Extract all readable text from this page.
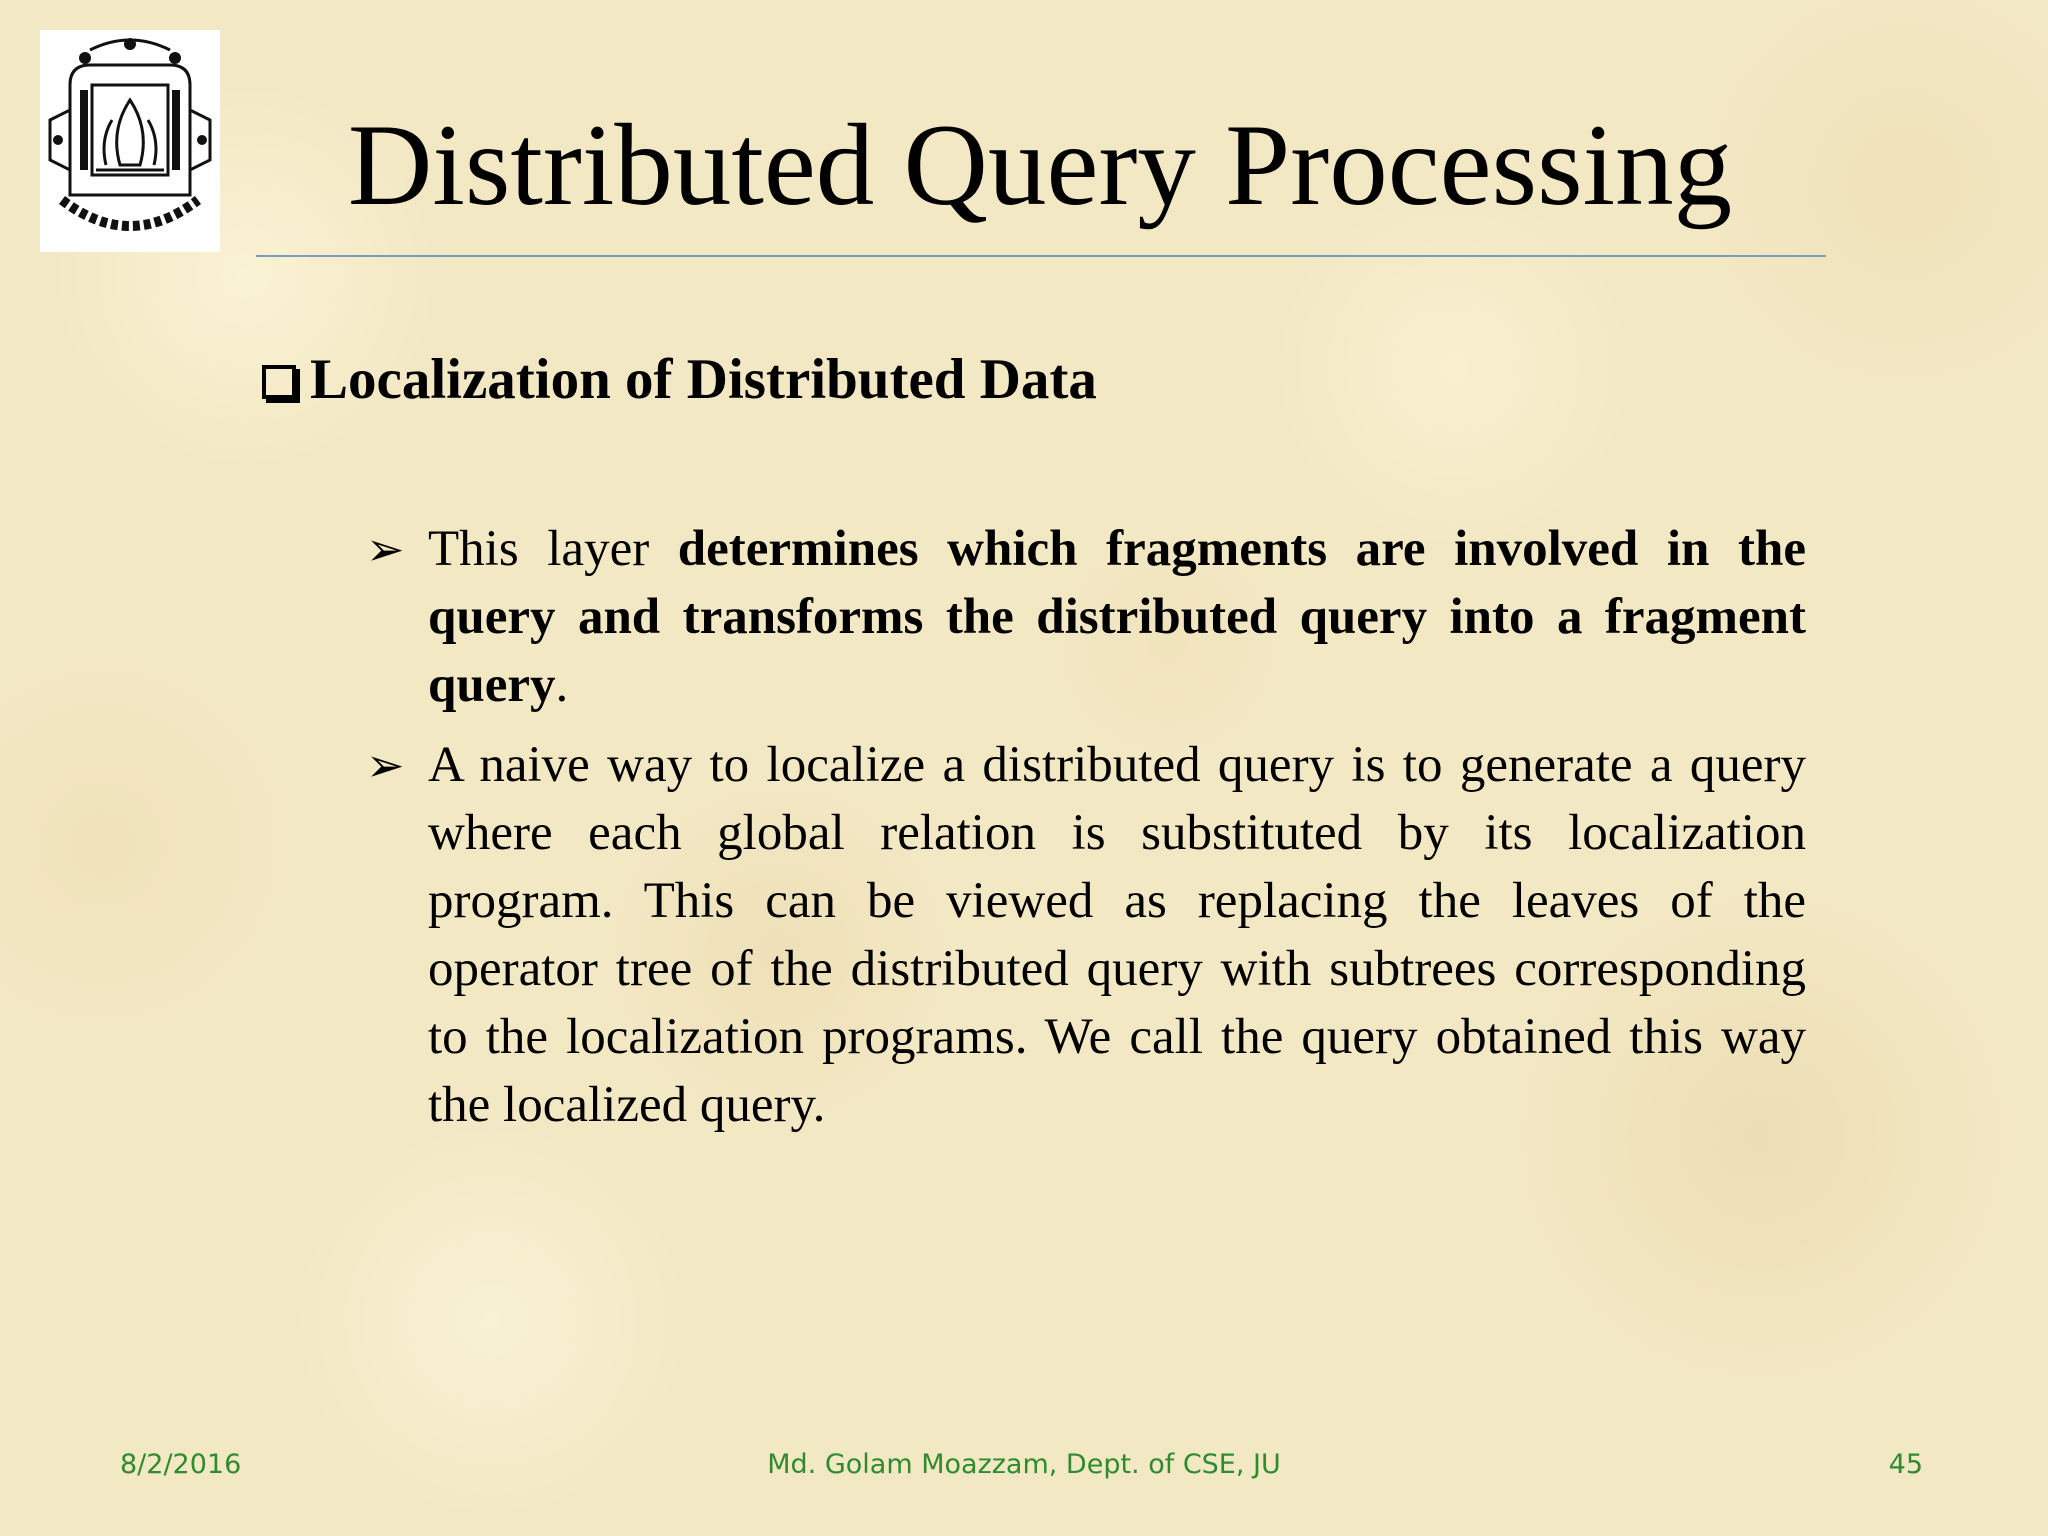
Distributed Query Processing
Localization of Distributed Data
➢ This layer determines which fragments are involved in the query and transforms the distributed query into a fragment query.
➢ A naive way to localize a distributed query is to generate a query where each global relation is substituted by its localization program. This can be viewed as replacing the leaves of the operator tree of the distributed query with subtrees corresponding to the localization programs. We call the query obtained this way the localized query.
8/2/2016	Md. Golam Moazzam, Dept. of CSE, JU	45
